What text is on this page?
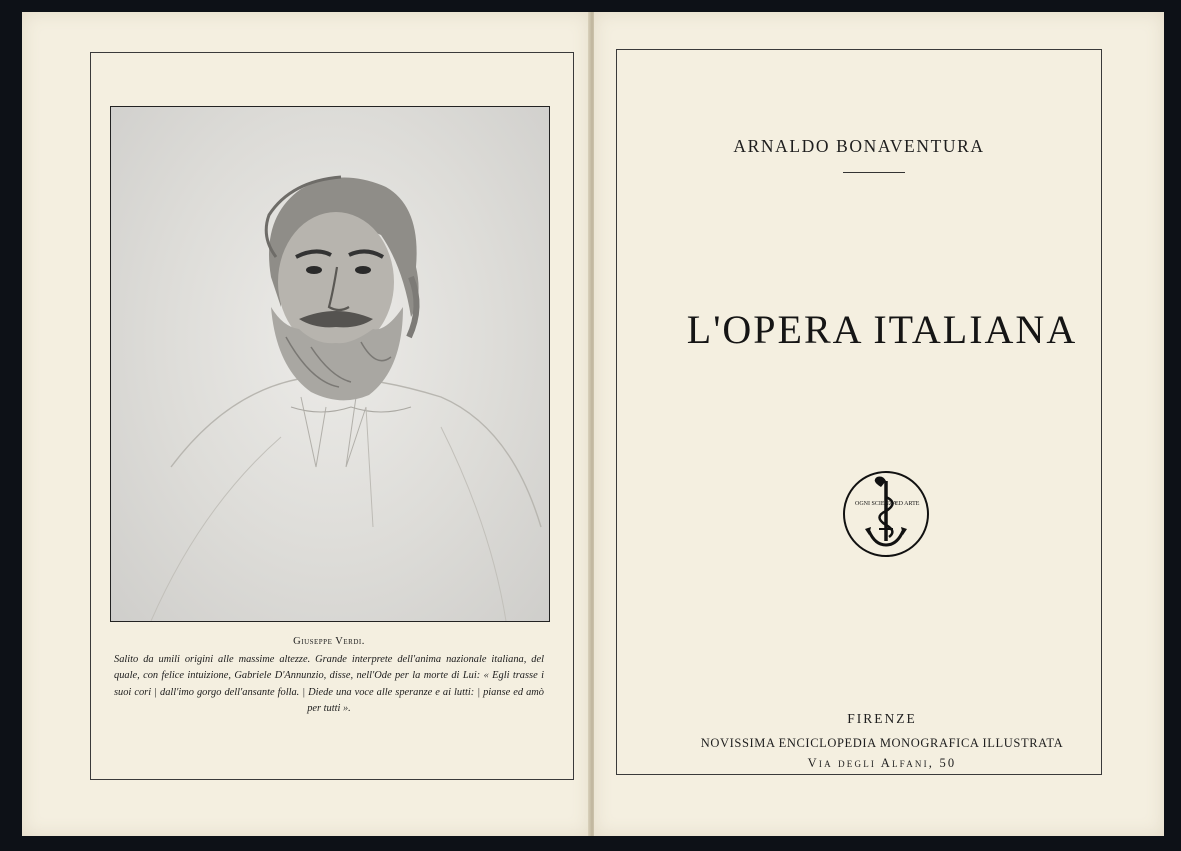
Giuseppe Verdi.
Salito da umili origini alle massime altezze. Grande interprete dell'anima nazionale italiana, del quale, con felice intuizione, Gabriele D'Annunzio, disse, nell'Ode per la morte di Lui: « Egli trasse i suoi cori | dall'imo gorgo dell'ansante folla. | Diede una voce alle speranze e ai lutti: | pianse ed amò per tutti ».
ARNALDO BONAVENTURA
L'OPERA ITALIANA
OGNI SCIENZA
ED ARTE
FIRENZE
NOVISSIMA ENCICLOPEDIA MONOGRAFICA ILLUSTRATA
Via degli Alfani, 50
